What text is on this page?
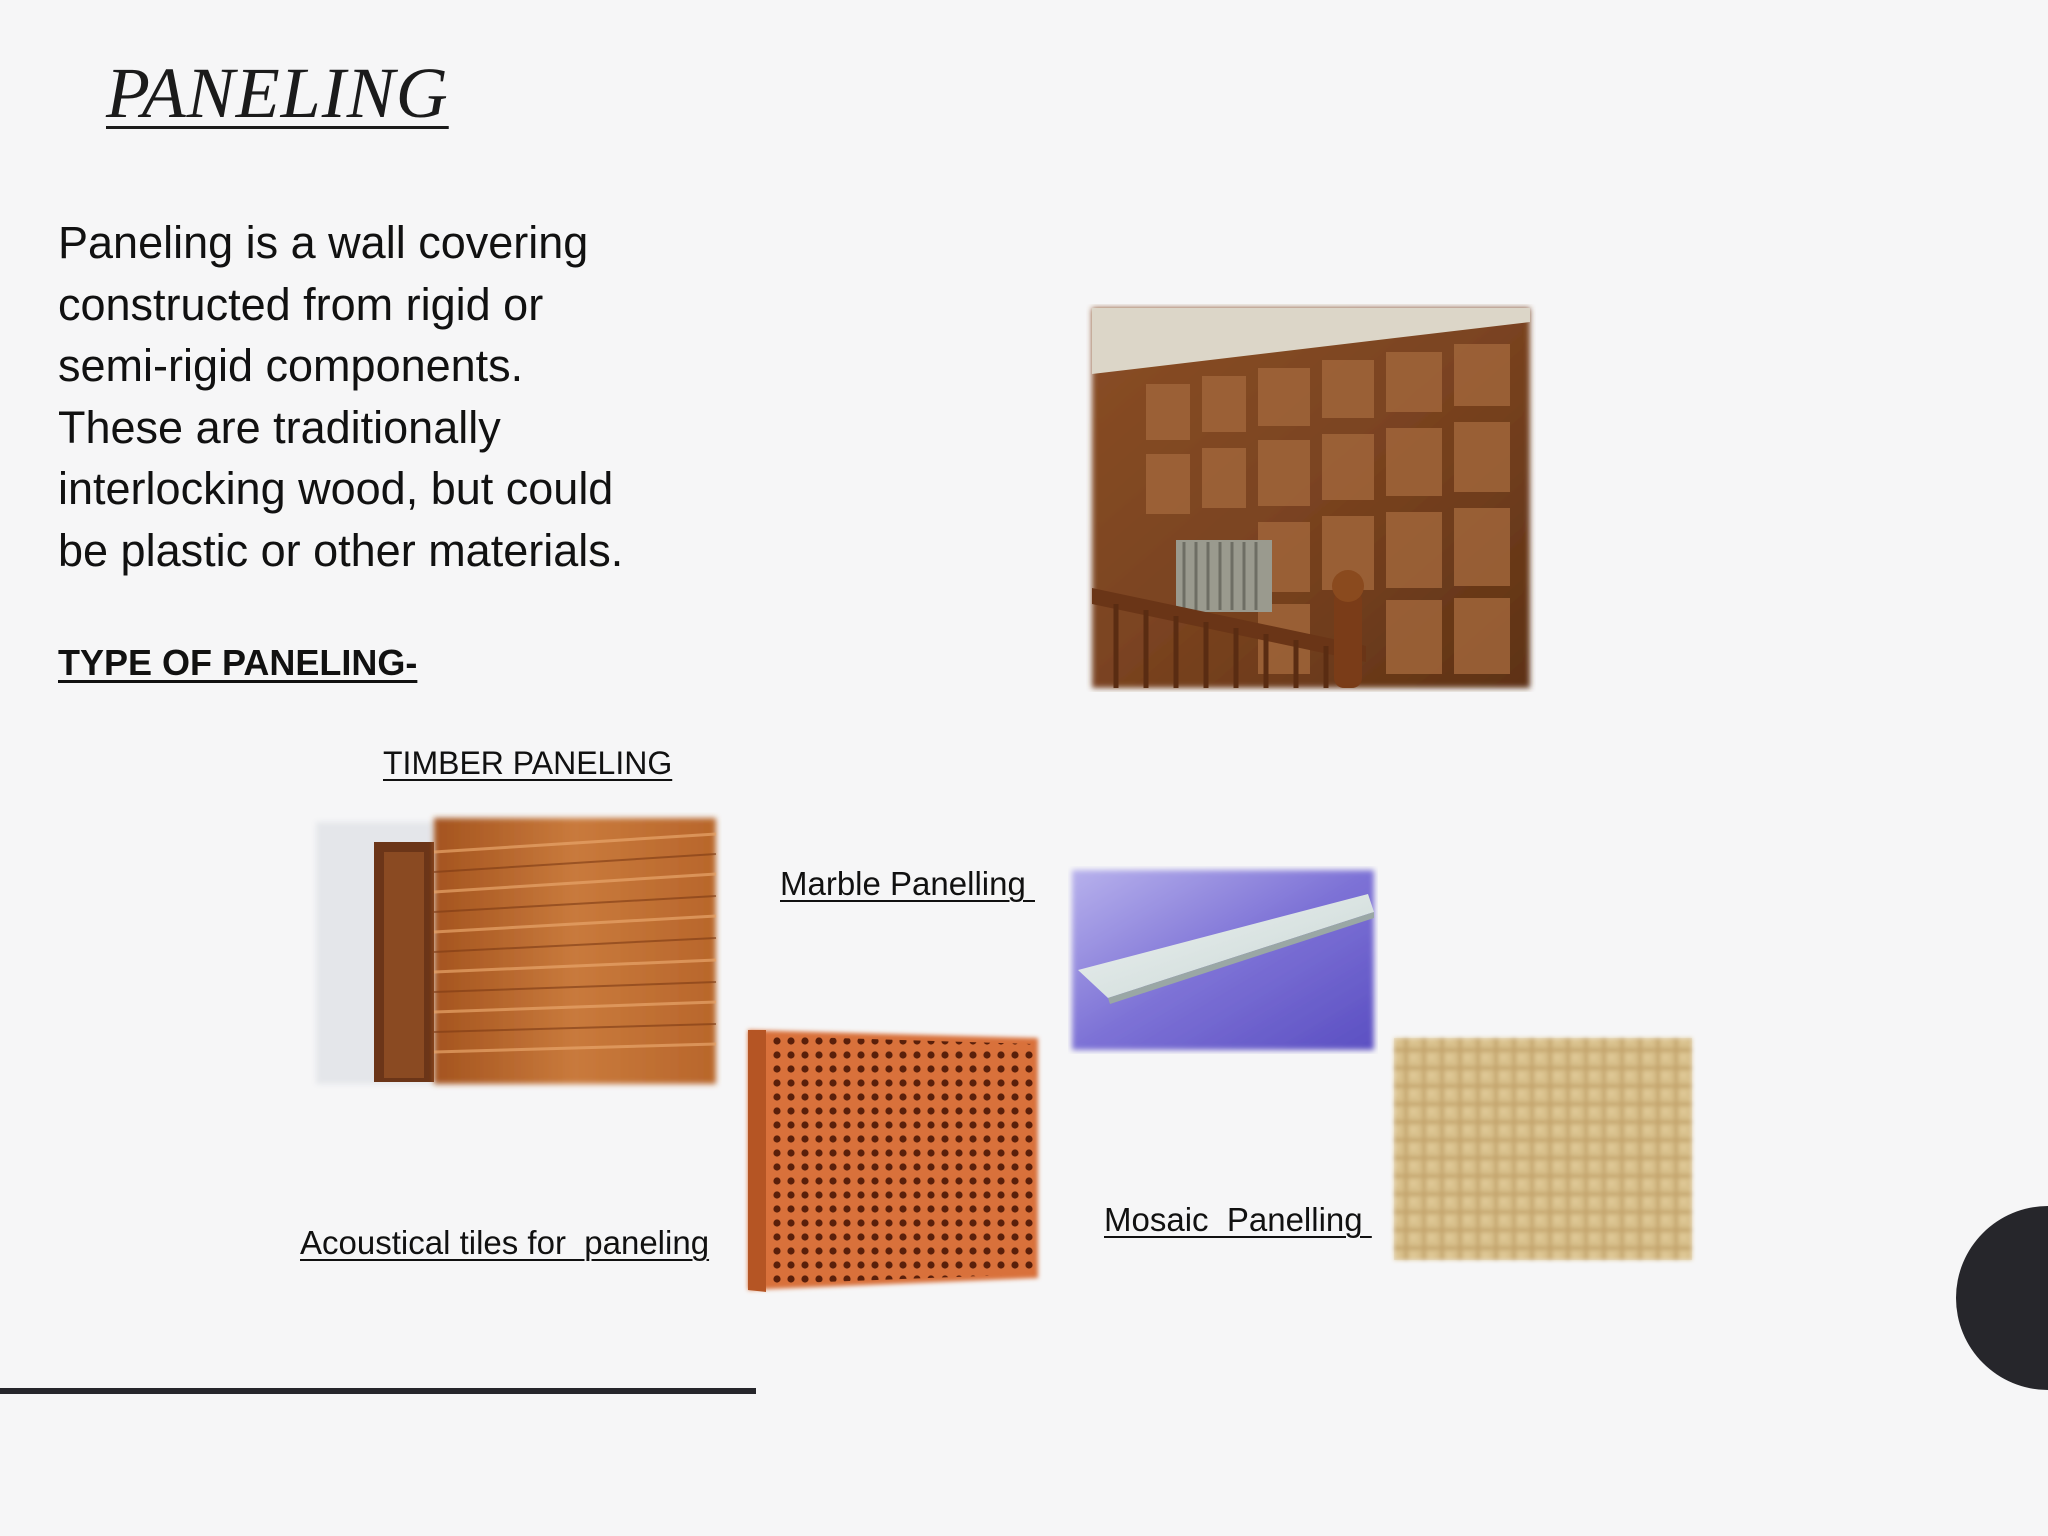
PANELING
Paneling is a wall covering
constructed from rigid or
semi-rigid components.
These are traditionally
interlocking wood, but could
be plastic or other materials.
TYPE OF PANELING-
TIMBER PANELING
Marble Panelling
Acoustical tiles for  paneling
Mosaic  Panelling
